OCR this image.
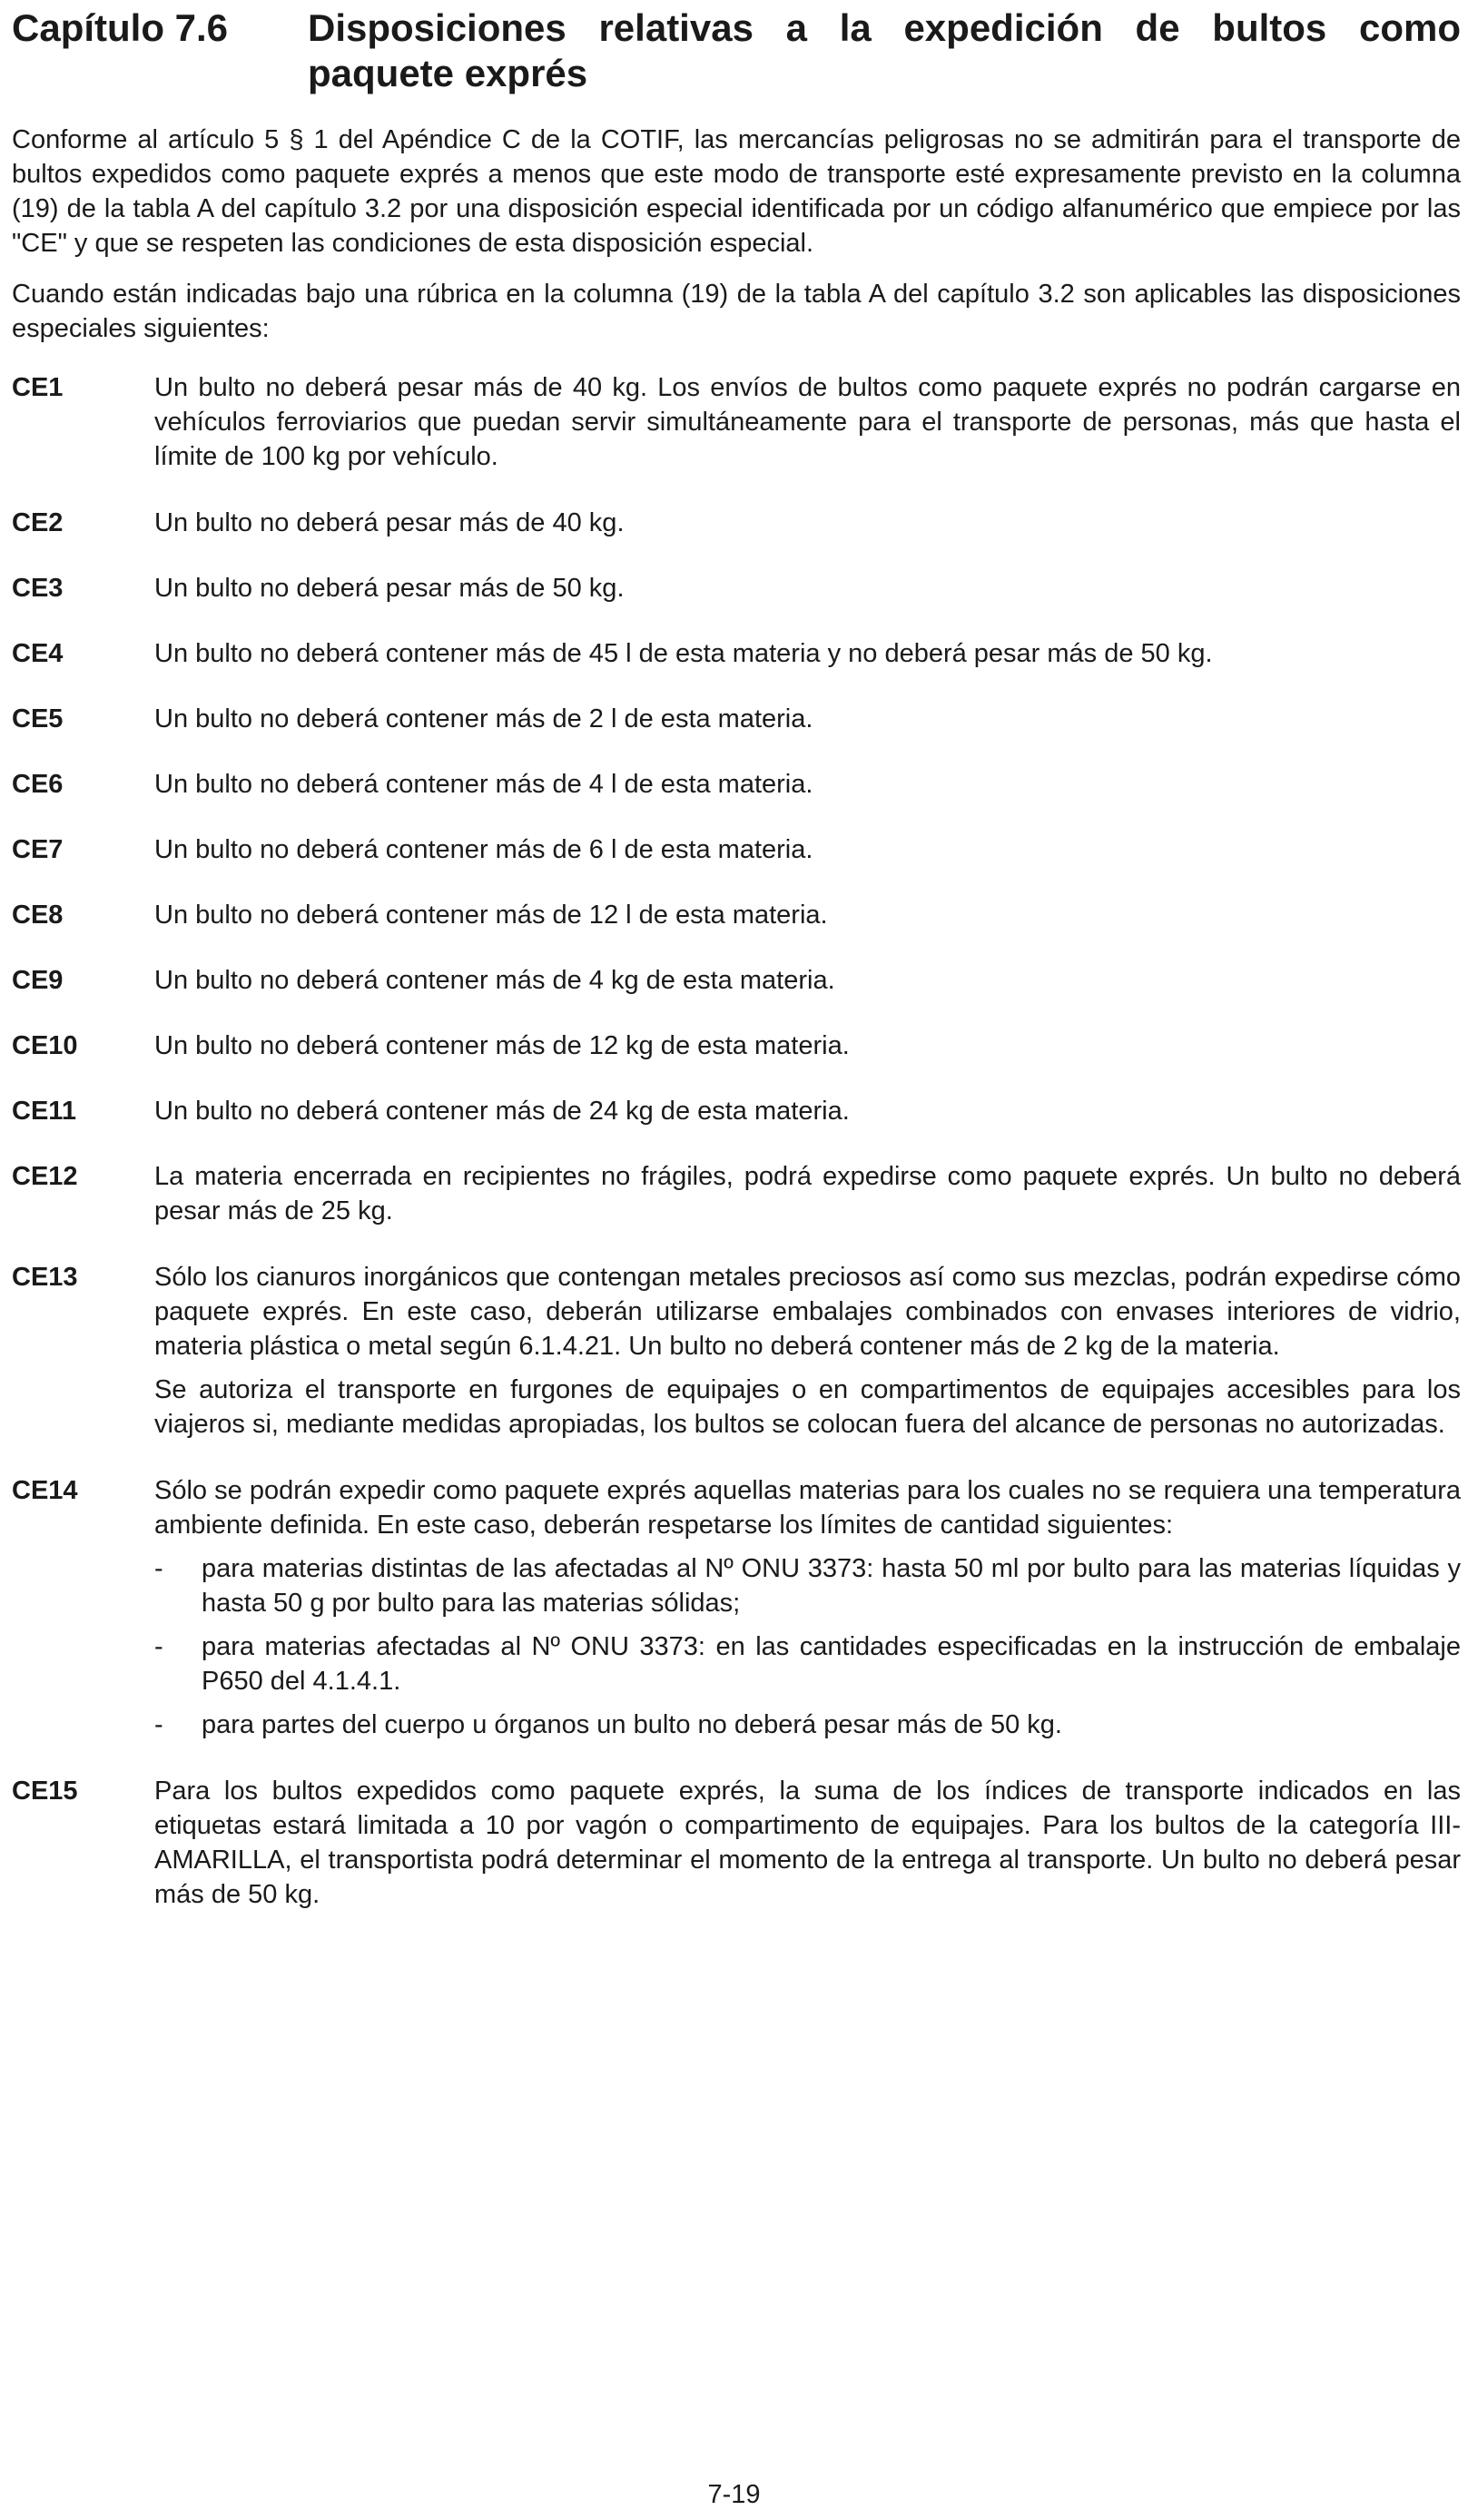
Capítulo 7.6	Disposiciones relativas a la expedición de bultos como paquete exprés

Conforme al artículo 5 § 1 del Apéndice C de la COTIF, las mercancías peligrosas no se admitirán para el transporte de bultos expedidos como paquete exprés a menos que este modo de transporte esté expresamente previsto en la columna (19) de la tabla A del capítulo 3.2 por una disposición especial identificada por un código alfanumérico que empiece por las "CE" y que se respeten las condiciones de esta disposición especial.

Cuando están indicadas bajo una rúbrica en la columna (19) de la tabla A del capítulo 3.2 son aplicables las disposiciones especiales siguientes:

CE1	Un bulto no deberá pesar más de 40 kg. Los envíos de bultos como paquete exprés no podrán cargarse en vehículos ferroviarios que puedan servir simultáneamente para el transporte de personas, más que hasta el límite de 100 kg por vehículo.
CE2	Un bulto no deberá pesar más de 40 kg.
CE3	Un bulto no deberá pesar más de 50 kg.
CE4	Un bulto no deberá contener más de 45 l de esta materia y no deberá pesar más de 50 kg.
CE5	Un bulto no deberá contener más de 2 l de esta materia.
CE6	Un bulto no deberá contener más de 4 l de esta materia.
CE7	Un bulto no deberá contener más de 6 l de esta materia.
CE8	Un bulto no deberá contener más de 12 l de esta materia.
CE9	Un bulto no deberá contener más de 4 kg de esta materia.
CE10	Un bulto no deberá contener más de 12 kg de esta materia.
CE11	Un bulto no deberá contener más de 24 kg de esta materia.
CE12	La materia encerrada en recipientes no frágiles, podrá expedirse como paquete exprés. Un bulto no deberá pesar más de 25 kg.
CE13	Sólo los cianuros inorgánicos que contengan metales preciosos así como sus mezclas, podrán expedirse cómo paquete exprés. En este caso, deberán utilizarse embalajes combinados con envases interiores de vidrio, materia plástica o metal según 6.1.4.21. Un bulto no deberá contener más de 2 kg de la materia.

Se autoriza el transporte en furgones de equipajes o en compartimentos de equipajes accesibles para los viajeros si, mediante medidas apropiadas, los bultos se colocan fuera del alcance de personas no autorizadas.

CE14	Sólo se podrán expedir como paquete exprés aquellas materias para los cuales no se requiera una temperatura ambiente definida. En este caso, deberán respetarse los límites de cantidad siguientes:

-	para materias distintas de las afectadas al Nº ONU 3373: hasta 50 ml por bulto para las materias líquidas y hasta 50 g por bulto para las materias sólidas;
-	para materias afectadas al Nº ONU 3373: en las cantidades especificadas en la instrucción de embalaje P650 del 4.1.4.1.
-	para partes del cuerpo u órganos un bulto no deberá pesar más de 50 kg.
CE15	Para los bultos expedidos como paquete exprés, la suma de los índices de transporte indicados en las etiquetas estará limitada a 10 por vagón o compartimento de equipajes. Para los bultos de la categoría III-AMARILLA, el transportista podrá determinar el momento de la entrega al transporte. Un bulto no deberá pesar más de 50 kg.
7-19
